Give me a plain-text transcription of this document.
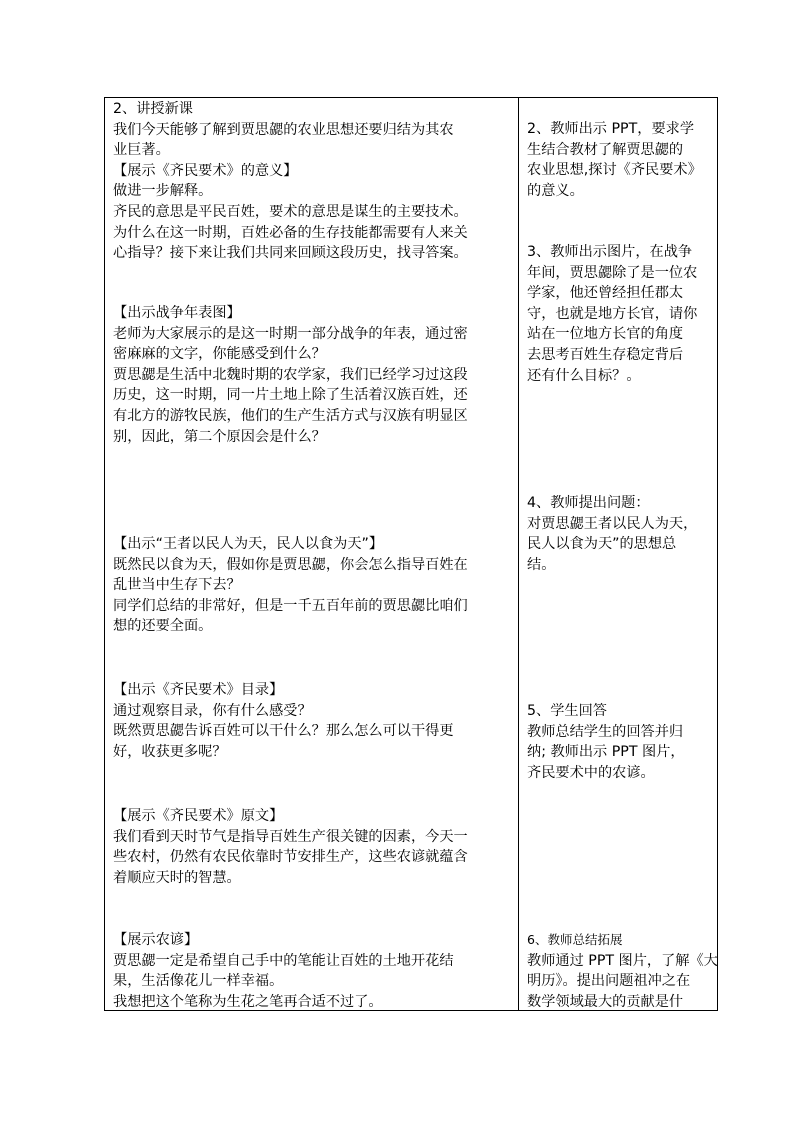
2、讲授新课
我们今天能够了解到贾思勰的农业思想还要归结为其农
业巨著。
【展示《齐民要术》的意义】
做进一步解释。
齐民的意思是平民百姓，要术的意思是谋生的主要技术。
为什么在这一时期，百姓必备的生存技能都需要有人来关
心指导？接下来让我们共同来回顾这段历史，找寻答案。
【出示战争年表图】
老师为大家展示的是这一时期一部分战争的年表，通过密
密麻麻的文字，你能感受到什么？
贾思勰是生活中北魏时期的农学家，我们已经学习过这段
历史，这一时期，同一片土地上除了生活着汉族百姓，还
有北方的游牧民族，他们的生产生活方式与汉族有明显区
别，因此，第二个原因会是什么？
【出示“王者以民人为天，民人以食为天”】
既然民以食为天，假如你是贾思勰，你会怎么指导百姓在
乱世当中生存下去？
同学们总结的非常好，但是一千五百年前的贾思勰比咱们
想的还要全面。
【出示《齐民要术》目录】
通过观察目录，你有什么感受？
既然贾思勰告诉百姓可以干什么？那么怎么可以干得更
好，收获更多呢？
【展示《齐民要术》原文】
我们看到天时节气是指导百姓生产很关键的因素，今天一
些农村，仍然有农民依靠时节安排生产，这些农谚就蕴含
着顺应天时的智慧。
【展示农谚】
贾思勰一定是希望自己手中的笔能让百姓的土地开花结
果，生活像花儿一样幸福。
我想把这个笔称为生花之笔再合适不过了。
2、教师出示 PPT，要求学
生结合教材了解贾思勰的
农业思想,探讨《齐民要术》
的意义。
3、教师出示图片，在战争
年间，贾思勰除了是一位农
学家，他还曾经担任郡太
守，也就是地方长官，请你
站在一位地方长官的角度
去思考百姓生存稳定背后
还有什么目标？。
4、教师提出问题：
对贾思勰王者以民人为天，
民人以食为天”的思想总
结。
5、学生回答
教师总结学生的回答并归
纳; 教师出示 PPT 图片，
齐民要术中的农谚。
6、教师总结拓展
教师通过 PPT 图片，了解《大
明历》。提出问题祖冲之在
数学领域最大的贡献是什
